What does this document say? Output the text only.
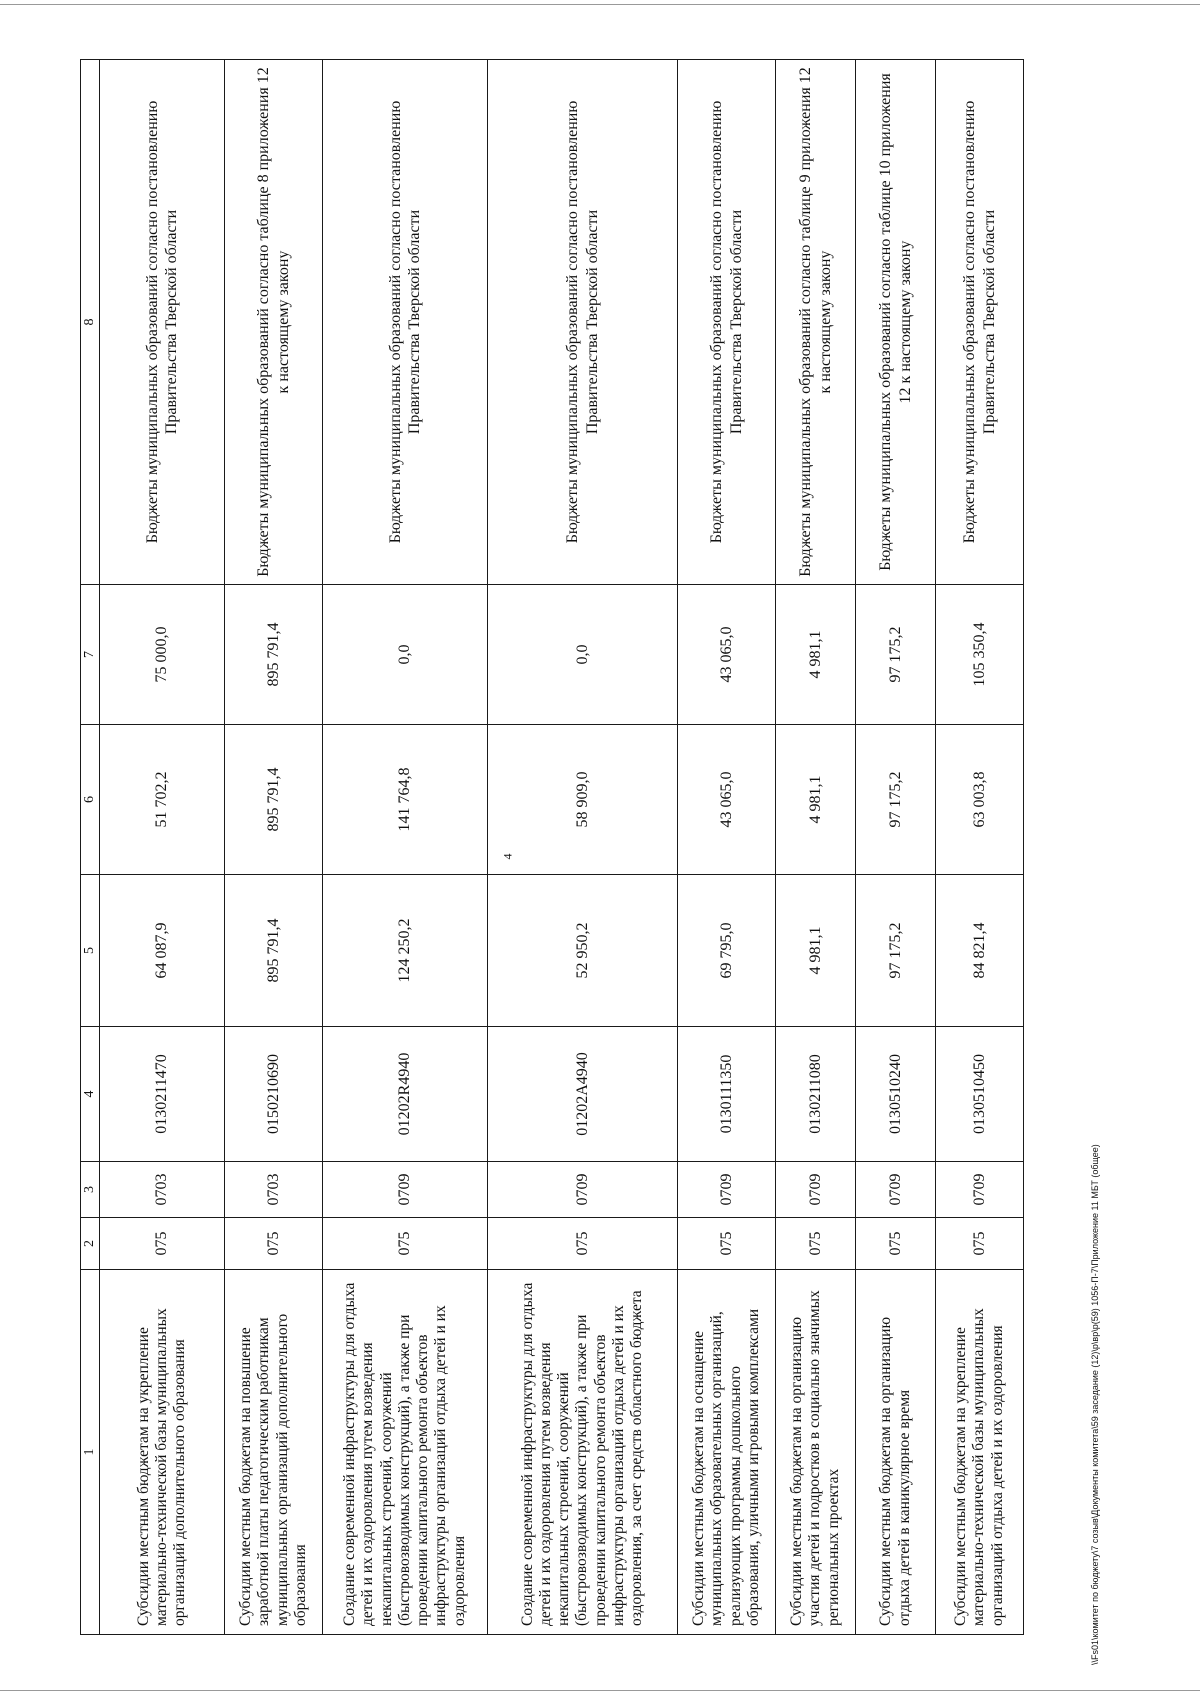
4
1	2	3	4	5	6	7	8
Субсидии местным бюджетам на укрепление материально-технической базы муниципальных организаций дополнительного образования	075	0703	0130211470	64 087,9	51 702,2	75 000,0	Бюджеты муниципальных образований согласно постановлению Правительства Тверской области
Субсидии местным бюджетам на повышение заработной платы педагогическим работникам муниципальных организаций дополнительного образования	075	0703	0150210690	895 791,4	895 791,4	895 791,4	Бюджеты муниципальных образований согласно таблице 8 приложения 12 к настоящему закону
Создание современной инфраструктуры для отдыха детей и их оздоровления путем возведения некапитальных строений, сооружений (быстровозводимых конструкций), а также при проведении капитального ремонта объектов инфраструктуры организаций отдыха детей и их оздоровления	075	0709	01202R4940	124 250,2	141 764,8	0,0	Бюджеты муниципальных образований согласно постановлению Правительства Тверской области
Создание современной инфраструктуры для отдыха детей и их оздоровления путем возведения некапитальных строений, сооружений (быстровозводимых конструкций), а также при проведении капитального ремонта объектов инфраструктуры организаций отдыха детей и их оздоровления, за счет средств областного бюджета	075	0709	01202A4940	52 950,2	58 909,0	0,0	Бюджеты муниципальных образований согласно постановлению Правительства Тверской области
Субсидии местным бюджетам на оснащение муниципальных образовательных организаций, реализующих программы дошкольного образования, уличными игровыми комплексами	075	0709	0130111350	69 795,0	43 065,0	43 065,0	Бюджеты муниципальных образований согласно постановлению Правительства Тверской области
Субсидии местным бюджетам на организацию участия детей и подростков в социально значимых региональных проектах	075	0709	0130211080	4 981,1	4 981,1	4 981,1	Бюджеты муниципальных образований согласно таблице 9 приложения 12 к настоящему закону
Субсидии местным бюджетам на организацию отдыха детей в каникулярное время	075	0709	0130510240	97 175,2	97 175,2	97 175,2	Бюджеты муниципальных образований согласно таблице 10 приложения 12 к настоящему закону
Субсидии местным бюджетам на укрепление материально-технической базы муниципальных организаций отдыха детей и их оздоровления	075	0709	0130510450	84 821,4	63 003,8	105 350,4	Бюджеты муниципальных образований согласно постановлению Правительства Тверской области
\\Fs01\комитет по бюджету\7 созыв\Документы комитета\59 заседание (12)\р\вр\р(59) 1056-П-7\Приложение 11 МБТ (общее)
